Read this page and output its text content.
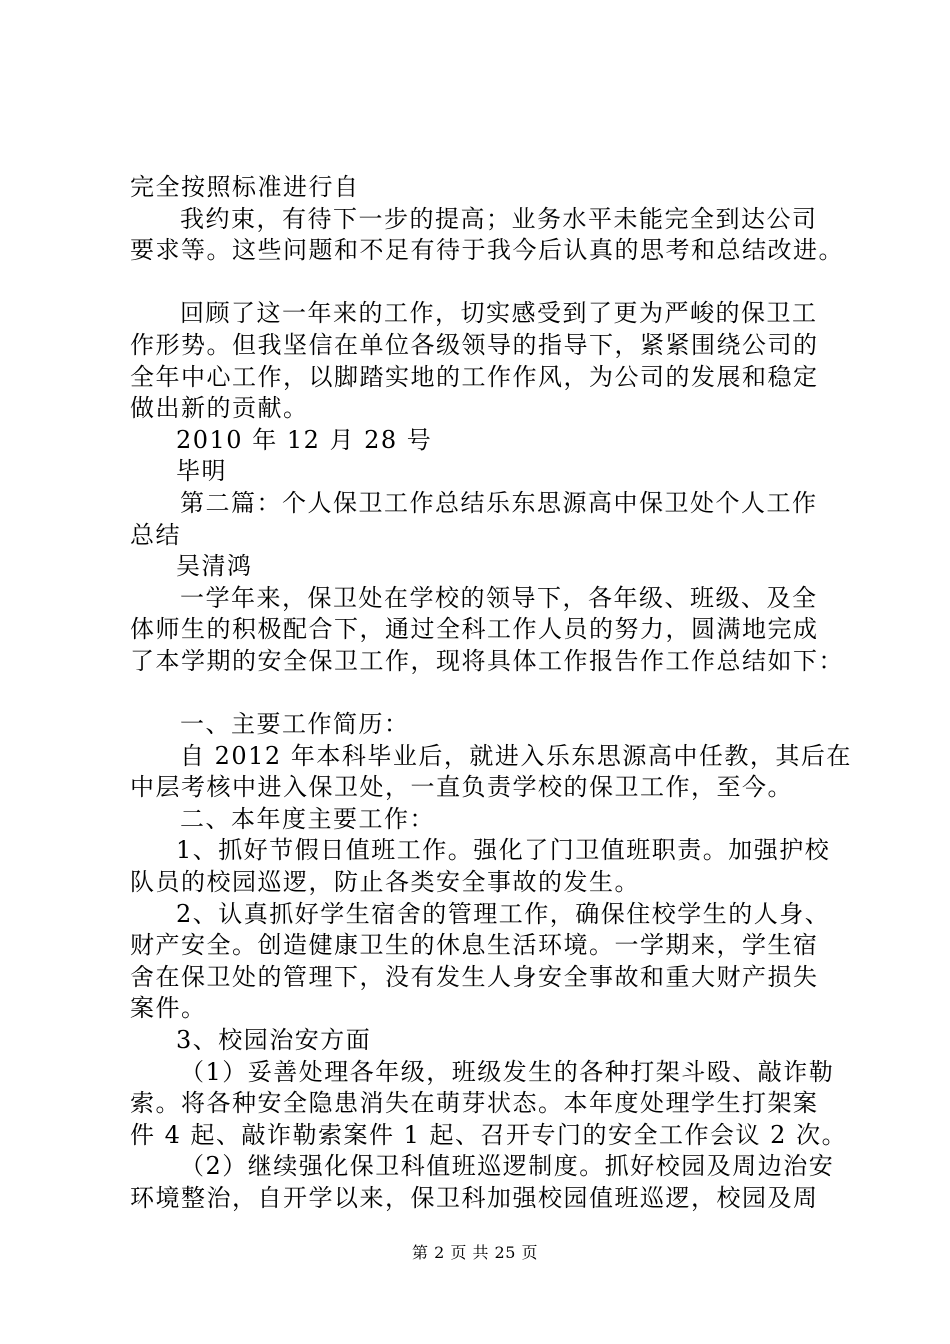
完全按照标准进行自
我约束，有待下一步的提高；业务水平未能完全到达公司
要求等。这些问题和不足有待于我今后认真的思考和总结改进。
回顾了这一年来的工作，切实感受到了更为严峻的保卫工
作形势。但我坚信在单位各级领导的指导下，紧紧围绕公司的
全年中心工作，以脚踏实地的工作作风，为公司的发展和稳定
做出新的贡献。
2010 年 12 月 28 号
毕明
第二篇：个人保卫工作总结乐东思源高中保卫处个人工作
总结
吴清鸿
一学年来，保卫处在学校的领导下，各年级、班级、及全
体师生的积极配合下，通过全科工作人员的努力，圆满地完成
了本学期的安全保卫工作，现将具体工作报告作工作总结如下：
一、主要工作简历：
自 2012 年本科毕业后，就进入乐东思源高中任教，其后在
中层考核中进入保卫处，一直负责学校的保卫工作，至今。
二、本年度主要工作：
1、抓好节假日值班工作。强化了门卫值班职责。加强护校
队员的校园巡逻，防止各类安全事故的发生。
2、认真抓好学生宿舍的管理工作，确保住校学生的人身、
财产安全。创造健康卫生的休息生活环境。一学期来，学生宿
舍在保卫处的管理下，没有发生人身安全事故和重大财产损失
案件。
3、校园治安方面
（1）妥善处理各年级，班级发生的各种打架斗殴、敲诈勒
索。将各种安全隐患消失在萌芽状态。本年度处理学生打架案
件 4 起、敲诈勒索案件 1 起、召开专门的安全工作会议 2 次。
（2）继续强化保卫科值班巡逻制度。抓好校园及周边治安
环境整治，自开学以来，保卫科加强校园值班巡逻，校园及周
第 2 页 共 25 页
